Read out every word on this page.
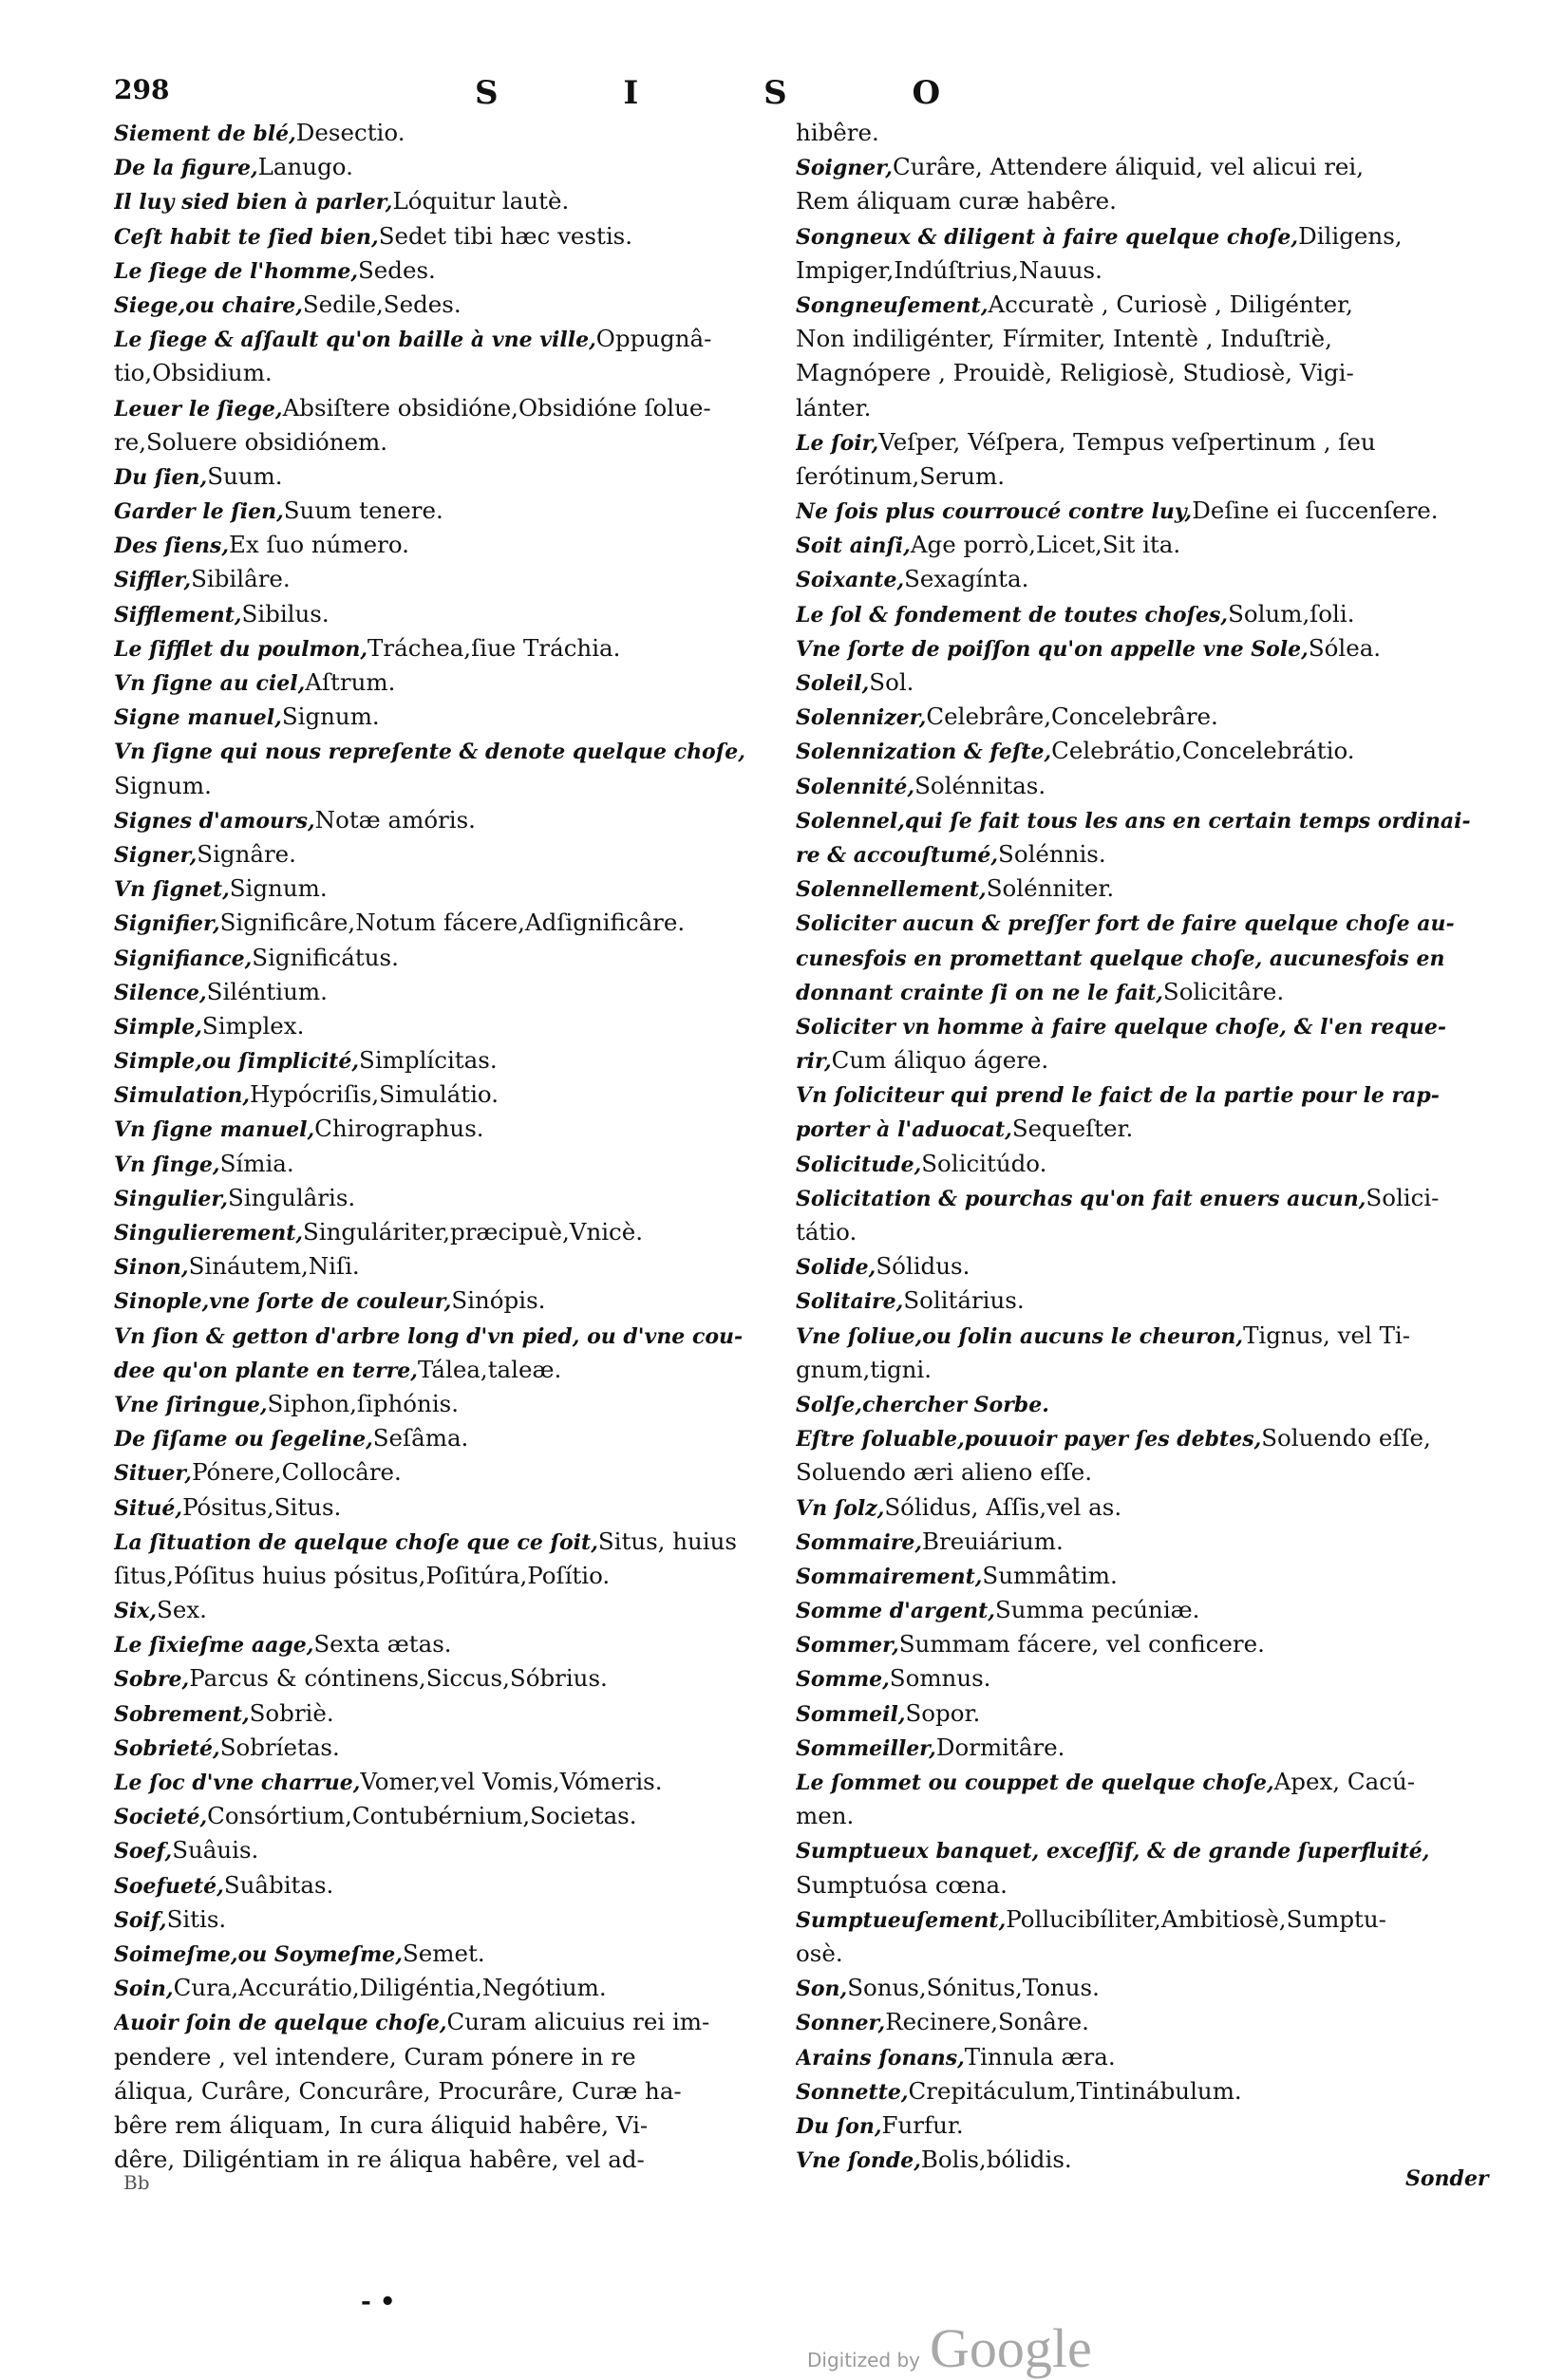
298	S I S O
Siement de blé,Desectio.
De la figure,Lanugo.
Il luy sied bien à parler,Lóquitur lautè.
Ceſt habit te ſied bien,Sedet tibi hæc vestis.
Le ſiege de l'homme,Sedes.
Siege,ou chaire,Sedile,Sedes.
Le ſiege & aſſault qu'on baille à vne ville,Oppugnâ-
tio,Obsidium.
Leuer le ſiege,Absiſtere obsidióne,Obsidióne ſolue-
re,Soluere obsidiónem.
Du ſien,Suum.
Garder le ſien,Suum tenere.
Des ſiens,Ex ſuo número.
Siffler,Sibilâre.
Sifflement,Sibilus.
Le ſifflet du poulmon,Tráchea,ſiue Tráchia.
Vn ſigne au ciel,Aſtrum.
Signe manuel,Signum.
Vn ſigne qui nous repreſente & denote quelque choſe,
Signum.
Signes d'amours,Notæ amóris.
Signer,Signâre.
Vn ſignet,Signum.
Signifier,Significâre,Notum fácere,Adſignificâre.
Signifiance,Significátus.
Silence,Siléntium.
Simple,Simplex.
Simple,ou ſimplicité,Simplícitas.
Simulation,Hypócriſis,Simulátio.
Vn ſigne manuel,Chirographus.
Vn ſinge,Símia.
Singulier,Singulâris.
Singulierement,Singuláriter,præcipuè,Vnicè.
Sinon,Sináutem,Niſi.
Sinople,vne ſorte de couleur,Sinópis.
Vn ſion & getton d'arbre long d'vn pied, ou d'vne cou-
dee qu'on plante en terre,Tálea,taleæ.
Vne ſiringue,Siphon,ſiphónis.
De ſiſame ou ſegeline,Seſâma.
Situer,Pónere,Collocâre.
Situé,Pósitus,Situs.
La ſituation de quelque choſe que ce ſoit,Situs, huius
ſitus,Póſitus huius pósitus,Poſitúra,Poſítio.
Six,Sex.
Le ſixieſme aage,Sexta ætas.
Sobre,Parcus & cóntinens,Siccus,Sóbrius.
Sobrement,Sobriè.
Sobrieté,Sobríetas.
Le ſoc d'vne charrue,Vomer,vel Vomis,Vómeris.
Societé,Consórtium,Contubérnium,Societas.
Soef,Suâuis.
Soefueté,Suâbitas.
Soif,Sitis.
Soimeſme,ou Soymeſme,Semet.
Soin,Cura,Accurátio,Diligéntia,Negótium.
Auoir ſoin de quelque choſe,Curam alicuius rei im-
pendere , vel intendere, Curam pónere in re
áliqua, Curâre, Concurâre, Procurâre, Curæ ha-
bêre rem áliquam, In cura áliquid habêre, Vi-
dêre, Diligéntiam in re áliqua habêre, vel ad-
hibêre.
Soigner,Curâre, Attendere áliquid, vel alicui rei,
Rem áliquam curæ habêre.
Songneux & diligent à faire quelque choſe,Diligens,
Impiger,Indúſtrius,Nauus.
Songneuſement,Accuratè , Curiosè , Diligénter,
Non indiligénter, Fírmiter, Intentè , Induſtriè,
Magnópere , Prouidè, Religiosè, Studiosè, Vigi-
lánter.
Le ſoir,Veſper, Véſpera, Tempus veſpertinum , ſeu
ſerótinum,Serum.
Ne ſois plus courroucé contre luy,Deſine ei ſuccenſere.
Soit ainſi,Age porrò,Licet,Sit ita.
Soixante,Sexagínta.
Le ſol & fondement de toutes choſes,Solum,ſoli.
Vne ſorte de poiſſon qu'on appelle vne Sole,Sólea.
Soleil,Sol.
Solennizer,Celebrâre,Concelebrâre.
Solennization & feſte,Celebrátio,Concelebrátio.
Solennité,Solénnitas.
Solennel,qui ſe fait tous les ans en certain temps ordinai-
re & accouſtumé,Solénnis.
Solennellement,Solénniter.
Soliciter aucun & preſſer fort de faire quelque choſe au-
cunesfois en promettant quelque choſe, aucunesfois en
donnant crainte ſi on ne le fait,Solicitâre.
Soliciter vn homme à faire quelque choſe, & l'en reque-
rir,Cum áliquo ágere.
Vn ſoliciteur qui prend le faict de la partie pour le rap-
porter à l'aduocat,Sequeſter.
Solicitude,Solicitúdo.
Solicitation & pourchas qu'on fait enuers aucun,Solici-
tátio.
Solide,Sólidus.
Solitaire,Solitárius.
Vne ſoliue,ou ſolin aucuns le cheuron,Tignus, vel Ti-
gnum,tigni.
Solſe,chercher Sorbe.
Eſtre ſoluable,pouuoir payer ſes debtes,Soluendo eſſe,
Soluendo æri alieno eſſe.
Vn ſolz,Sólidus, Aſſis,vel as.
Sommaire,Breuiárium.
Sommairement,Summâtim.
Somme d'argent,Summa pecúniæ.
Sommer,Summam fácere, vel conficere.
Somme,Somnus.
Sommeil,Sopor.
Sommeiller,Dormitâre.
Le ſommet ou couppet de quelque choſe,Apex, Cacú-
men.
Sumptueux banquet, exceſſif, & de grande ſuperfluité,
Sumptuósa cœna.
Sumptueuſement,Pollucibíliter,Ambitiosè,Sumptu-
osè.
Son,Sonus,Sónitus,Tonus.
Sonner,Recinere,Sonâre.
Arains ſonans,Tinnula æra.
Sonnette,Crepitáculum,Tintinábulum.
Du ſon,Furfur.
Vne ſonde,Bolis,bólidis.
Bb	Sonder
- •
Digitized by Google
